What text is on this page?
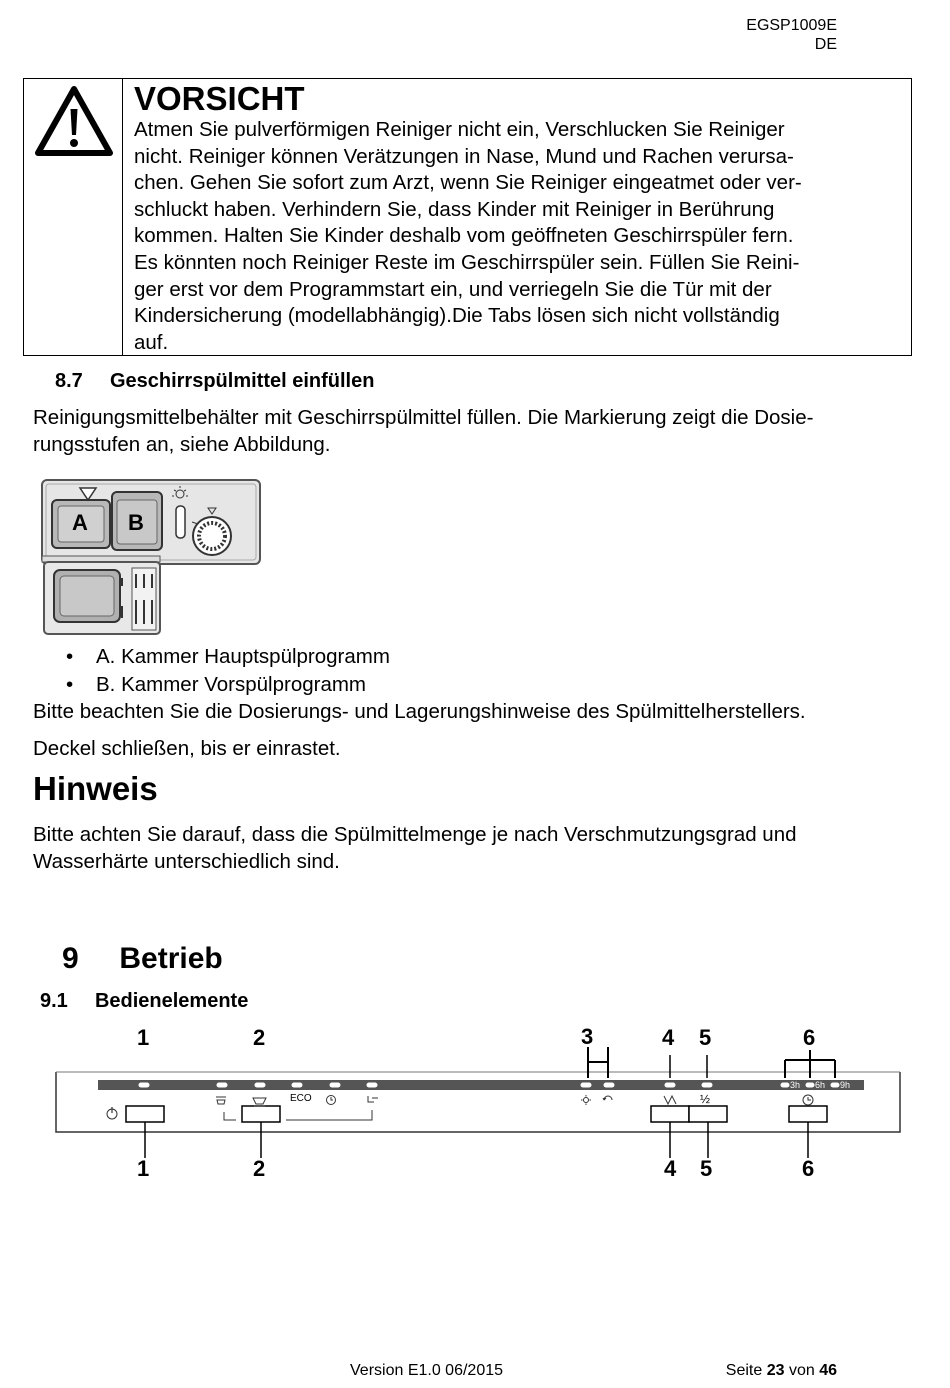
EGSP1009E
DE
VORSICHT
Atmen Sie pulverförmigen Reiniger nicht ein, Verschlucken Sie Reiniger
nicht. Reiniger können Verätzungen in Nase, Mund und Rachen verursa-
chen. Gehen Sie sofort zum Arzt, wenn Sie Reiniger eingeatmet oder ver-
schluckt haben. Verhindern Sie, dass Kinder mit Reiniger in Berührung
kommen. Halten Sie Kinder deshalb vom geöffneten Geschirrspüler fern.
Es könnten noch Reiniger Reste im Geschirrspüler sein. Füllen Sie Reini-
ger erst vor dem Programmstart ein, und verriegeln Sie die Tür mit der
Kindersicherung (modellabhängig).Die Tabs lösen sich nicht vollständig
auf.
8.7 Geschirrspülmittel einfüllen
Reinigungsmittelbehälter mit Geschirrspülmittel füllen. Die Markierung zeigt die Dosie-
rungsstufen an, siehe Abbildung.
A B
• A. Kammer Hauptspülprogramm
• B. Kammer Vorspülprogramm
Bitte beachten Sie die Dosierungs- und Lagerungshinweise des Spülmittelherstellers.
Deckel schließen, bis er einrastet.
Hinweis
Bitte achten Sie darauf, dass die Spülmittelmenge je nach Verschmutzungsgrad und
Wasserhärte unterschiedlich sind.
9 Betrieb
9.1 Bedienelemente
ECO	½
3h 6h 9h
1	2	3	4 5	6
1	2	4 5	6
Version E1.0 06/2015	Seite 23 von 46
